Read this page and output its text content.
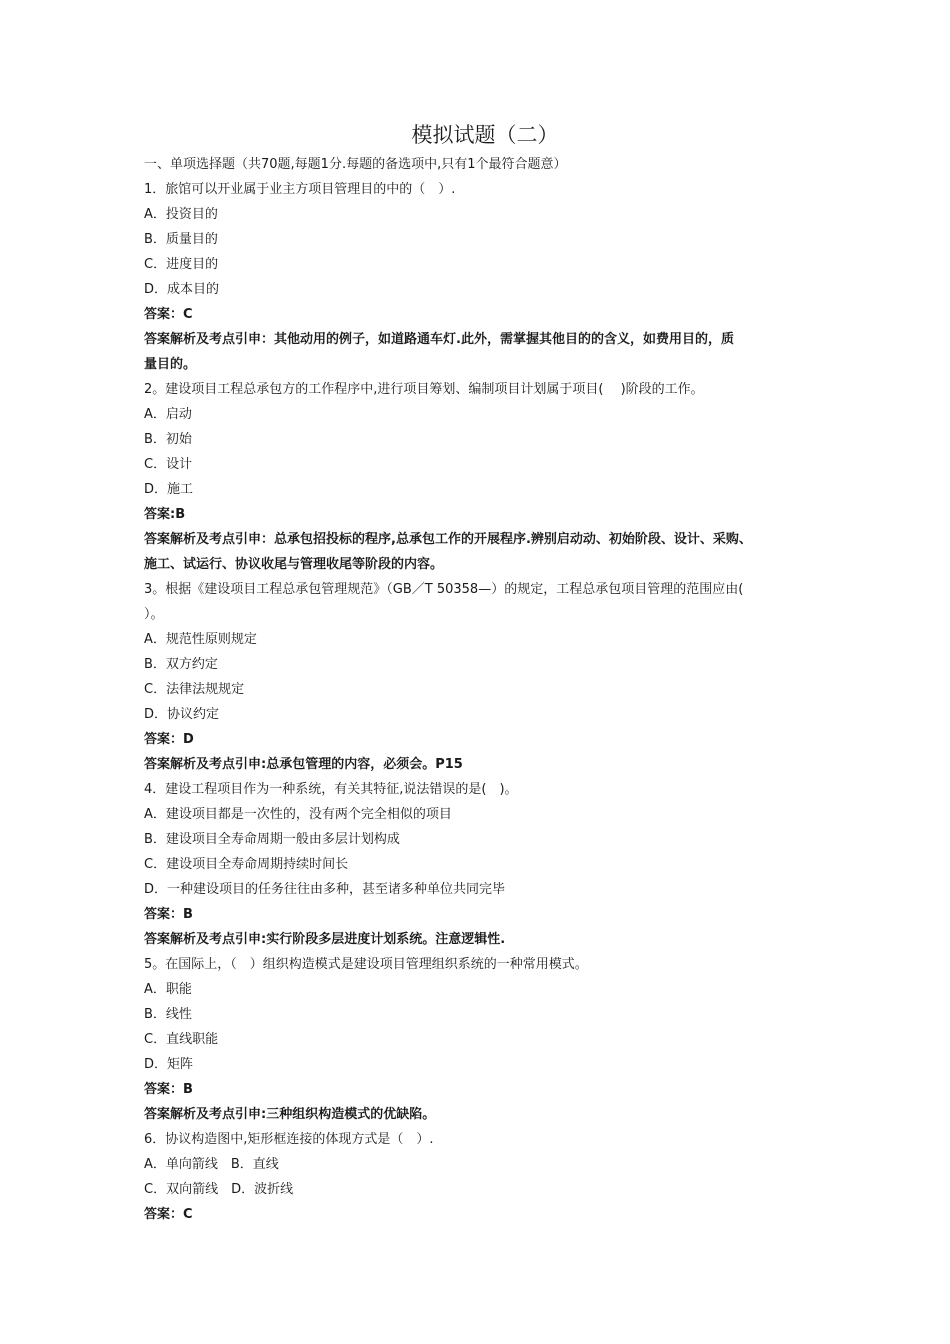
模拟试题（二）
一、单项选择题（共70题,每题1分.每题的备选项中,只有1个最符合题意）
1．旅馆可以开业属于业主方项目管理目的中的（　）.
A．投资目的
B．质量目的
C．进度目的
D．成本目的
答案：C
答案解析及考点引申：其他动用的例子，如道路通车灯.此外，需掌握其他目的的含义，如费用目的，质
量目的。
2。建设项目工程总承包方的工作程序中,进行项目筹划、编制项目计划属于项目(　 )阶段的工作。
A．启动
B．初始
C．设计
D．施工
答案:B
答案解析及考点引申：总承包招投标的程序,总承包工作的开展程序.辨别启动动、初始阶段、设计、采购、
施工、试运行、协议收尾与管理收尾等阶段的内容。
3。根据《建设项目工程总承包管理规范》（GB／T 50358—）的规定，工程总承包项目管理的范围应由(
）。
A．规范性原则规定
B．双方约定
C．法律法规规定
D．协议约定
答案：D
答案解析及考点引申:总承包管理的内容，必须会。P15
4．建设工程项目作为一种系统，有关其特征,说法错误的是(　)。
A．建设项目都是一次性的，没有两个完全相似的项目
B．建设项目全寿命周期一般由多层计划构成
C．建设项目全寿命周期持续时间长
D．一种建设项目的任务往往由多种，甚至诸多种单位共同完毕
答案：B
答案解析及考点引申:实行阶段多层进度计划系统。注意逻辑性.
5。在国际上，（　）组织构造模式是建设项目管理组织系统的一种常用模式。
A．职能
B．线性
C．直线职能
D．矩阵
答案：B
答案解析及考点引申:三种组织构造模式的优缺陷。
6．协议构造图中,矩形框连接的体现方式是（　）.
A．单向箭线　B．直线
C．双向箭线　D．波折线
答案：C
